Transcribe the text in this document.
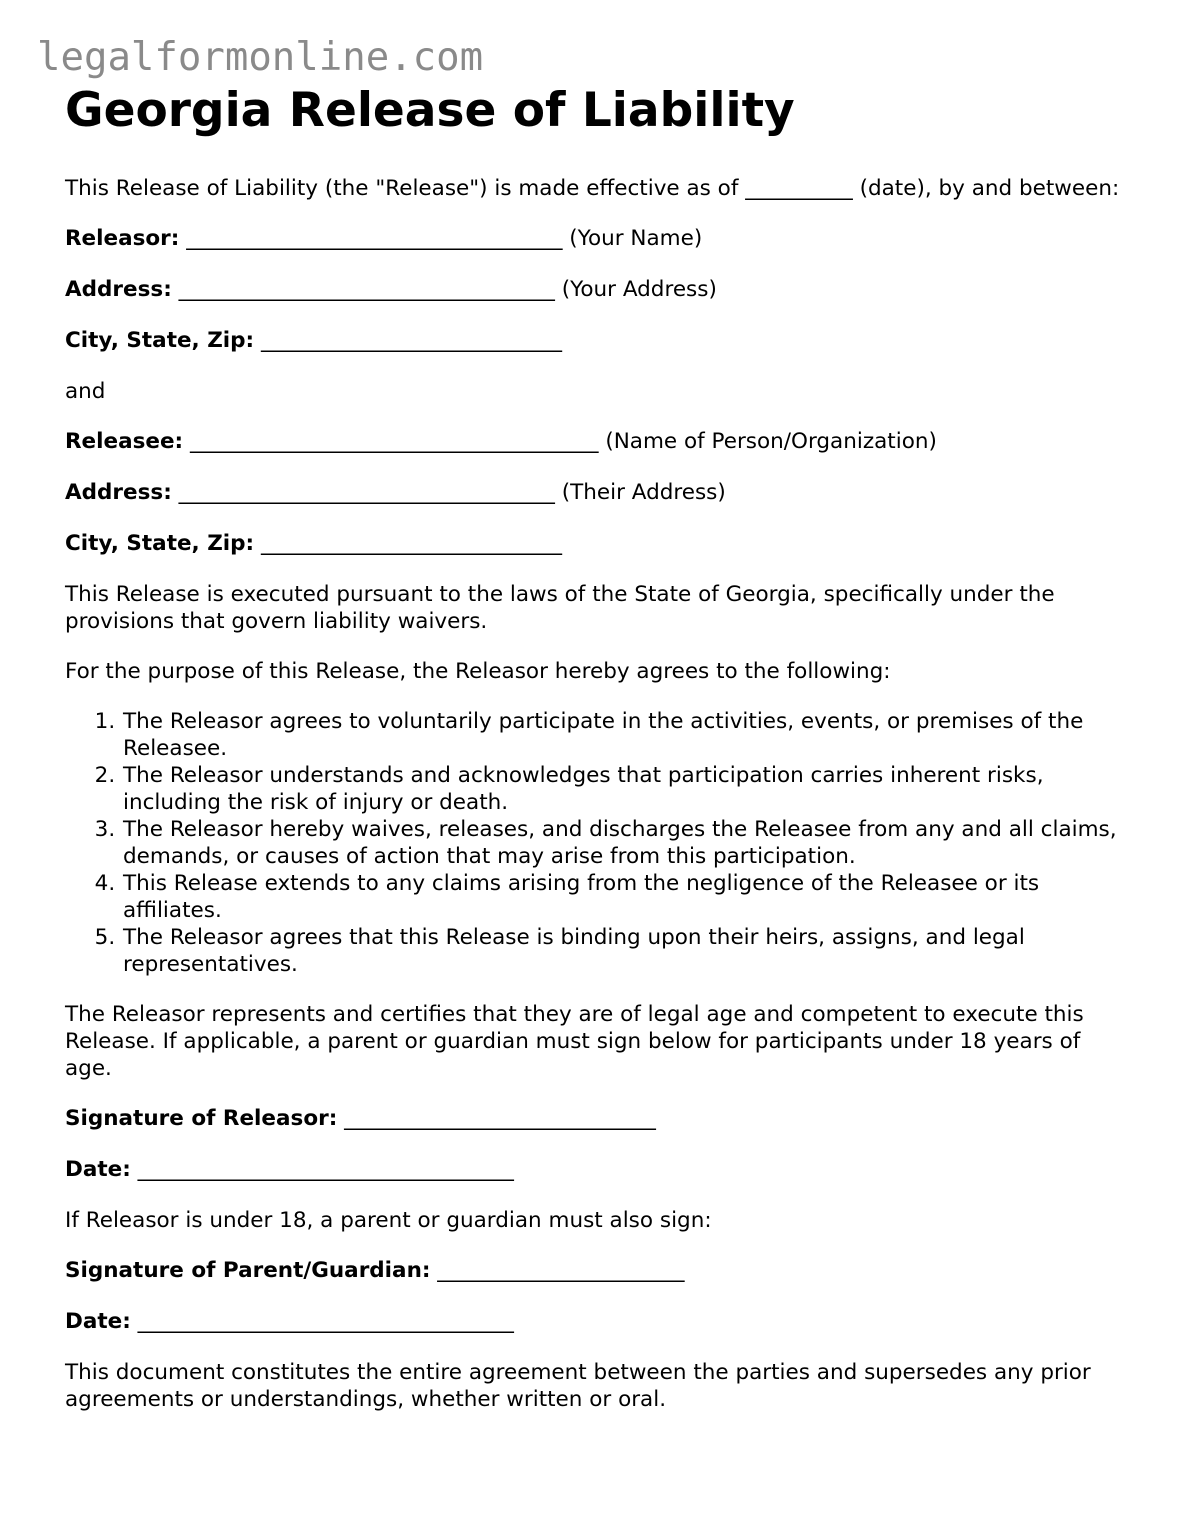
legalformonline.com
Georgia Release of Liability

This Release of Liability (the "Release") is made effective as of __________ (date), by and between:

Releasor: ___________________________________ (Your Name)
Address: ___________________________________ (Your Address)
City, State, Zip: ____________________________

and

Releasee: ______________________________________ (Name of Person/Organization)
Address: ___________________________________ (Their Address)
City, State, Zip: ____________________________

This Release is executed pursuant to the laws of the State of Georgia, specifically under the provisions that govern liability waivers.

For the purpose of this Release, the Releasor hereby agrees to the following:

1. The Releasor agrees to voluntarily participate in the activities, events, or premises of the Releasee.
2. The Releasor understands and acknowledges that participation carries inherent risks, including the risk of injury or death.
3. The Releasor hereby waives, releases, and discharges the Releasee from any and all claims, demands, or causes of action that may arise from this participation.
4. This Release extends to any claims arising from the negligence of the Releasee or its affiliates.
5. The Releasor agrees that this Release is binding upon their heirs, assigns, and legal representatives.

The Releasor represents and certifies that they are of legal age and competent to execute this Release. If applicable, a parent or guardian must sign below for participants under 18 years of age.

Signature of Releasor: _____________________________
Date: ___________________________________

If Releasor is under 18, a parent or guardian must also sign:

Signature of Parent/Guardian: _______________________
Date: ___________________________________

This document constitutes the entire agreement between the parties and supersedes any prior agreements or understandings, whether written or oral.
